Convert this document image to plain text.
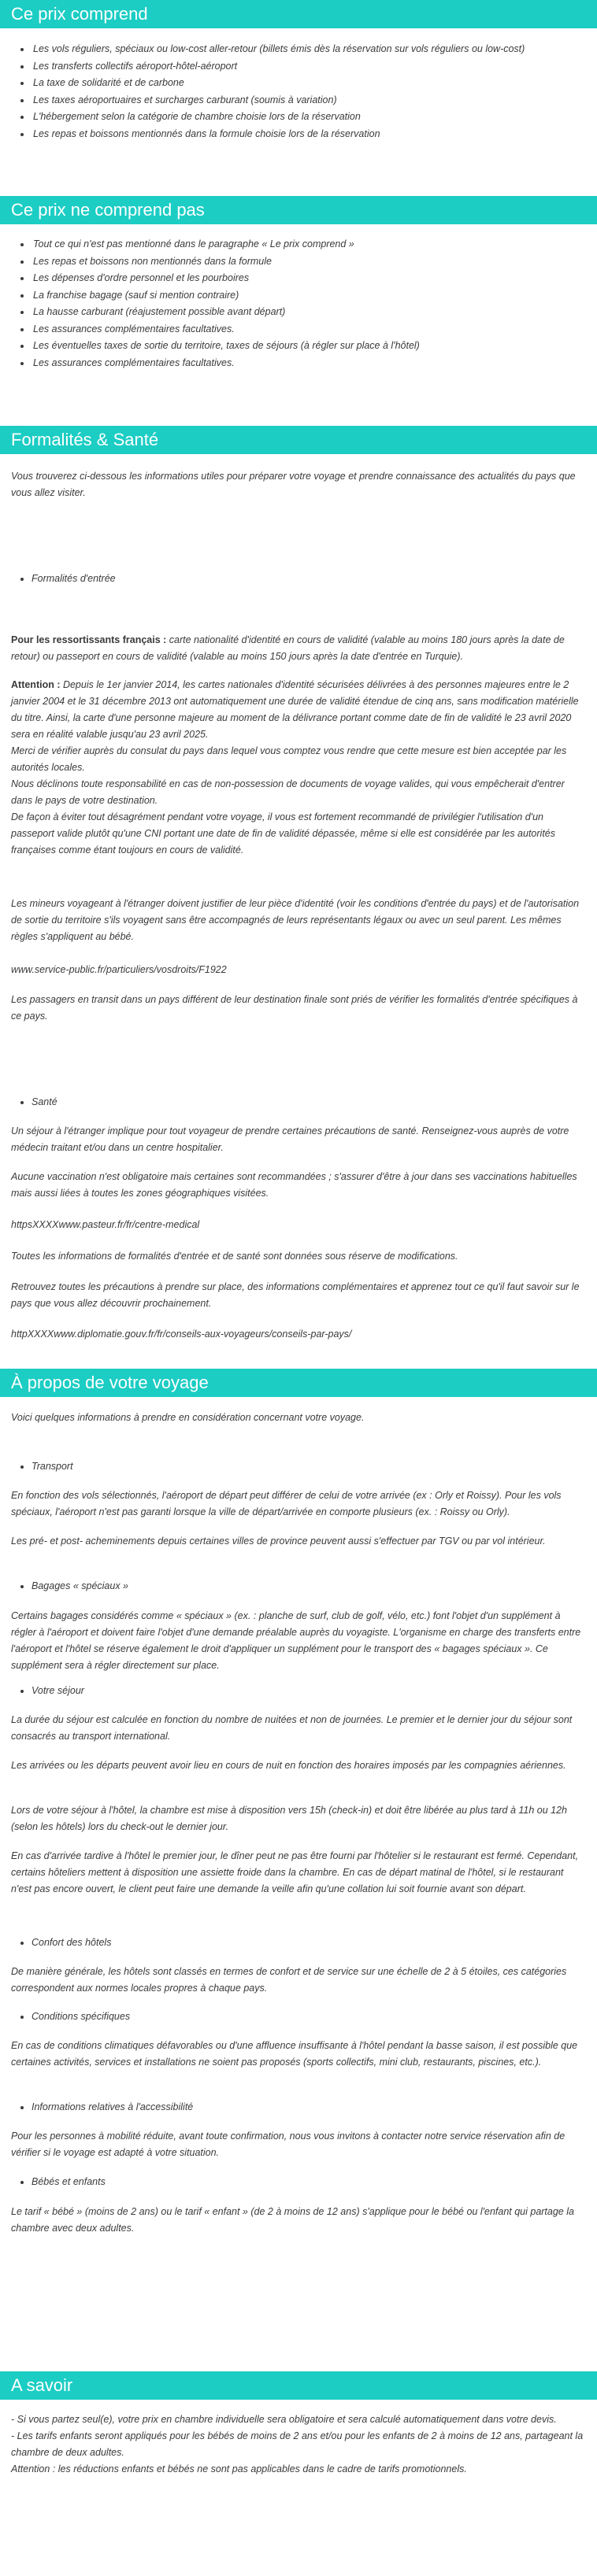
Ce prix comprend
• Les vols réguliers, spéciaux ou low-cost aller-retour (billets émis dès la réservation sur vols réguliers ou low-cost)
• Les transferts collectifs aéroport-hôtel-aéroport
• La taxe de solidarité et de carbone
• Les taxes aéroportuaires et surcharges carburant (soumis à variation)
• L'hébergement selon la catégorie de chambre choisie lors de la réservation
• Les repas et boissons mentionnés dans la formule choisie lors de la réservation
Ce prix ne comprend pas
• Tout ce qui n'est pas mentionné dans le paragraphe « Le prix comprend »
• Les repas et boissons non mentionnés dans la formule
• Les dépenses d'ordre personnel et les pourboires
• La franchise bagage (sauf si mention contraire)
• La hausse carburant (réajustement possible avant départ)
• Les assurances complémentaires facultatives.
• Les éventuelles taxes de sortie du territoire, taxes de séjours (à régler sur place à l'hôtel)
• Les assurances complémentaires facultatives.
Formalités & Santé
Vous trouverez ci-dessous les informations utiles pour préparer votre voyage et prendre connaissance des actualités du pays que vous allez visiter.
• Formalités d'entrée
Pour les ressortissants français : carte nationalité d'identité en cours de validité (valable au moins 180 jours après la date de retour) ou passeport en cours de validité (valable au moins 150 jours après la date d'entrée en Turquie).

Attention : Depuis le 1er janvier 2014, les cartes nationales d'identité sécurisées délivrées à des personnes majeures entre le 2 janvier 2004 et le 31 décembre 2013 ont automatiquement une durée de validité étendue de cinq ans, sans modification matérielle du titre. Ainsi, la carte d'une personne majeure au moment de la délivrance portant comme date de fin de validité le 23 avril 2020 sera en réalité valable jusqu'au 23 avril 2025.

Merci de vérifier auprès du consulat du pays dans lequel vous comptez vous rendre que cette mesure est bien acceptée par les autorités locales.

Nous déclinons toute responsabilité en cas de non-possession de documents de voyage valides, qui vous empêcherait d'entrer dans le pays de votre destination.

De façon à éviter tout désagrément pendant votre voyage, il vous est fortement recommandé de privilégier l'utilisation d'un passeport valide plutôt qu'une CNI portant une date de fin de validité dépassée, même si elle est considérée par les autorités françaises comme étant toujours en cours de validité.

Les mineurs voyageant à l'étranger doivent justifier de leur pièce d'identité (voir les conditions d'entrée du pays) et de l'autorisation de sortie du territoire s'ils voyagent sans être accompagnés de leurs représentants légaux ou avec un seul parent. Les mêmes règles s'appliquent au bébé.
www.service-public.fr/particuliers/vosdroits/F1922
Les passagers en transit dans un pays différent de leur destination finale sont priés de vérifier les formalités d'entrée spécifiques à ce pays.
• Santé
Un séjour à l'étranger implique pour tout voyageur de prendre certaines précautions de santé. Renseignez-vous auprès de votre médecin traitant et/ou dans un centre hospitalier.
Aucune vaccination n'est obligatoire mais certaines sont recommandées ; s'assurer d'être à jour dans ses vaccinations habituelles mais aussi liées à toutes les zones géographiques visitées.
httpsXXXXwww.pasteur.fr/fr/centre-medical
Toutes les informations de formalités d'entrée et de santé sont données sous réserve de modifications.
Retrouvez toutes les précautions à prendre sur place, des informations complémentaires et apprenez tout ce qu'il faut savoir sur le pays que vous allez découvrir prochainement.
httpXXXXwww.diplomatie.gouv.fr/fr/conseils-aux-voyageurs/conseils-par-pays/
À propos de votre voyage
Voici quelques informations à prendre en considération concernant votre voyage.
• Transport
En fonction des vols sélectionnés, l'aéroport de départ peut différer de celui de votre arrivée (ex : Orly et Roissy). Pour les vols spéciaux, l'aéroport n'est pas garanti lorsque la ville de départ/arrivée en comporte plusieurs (ex. : Roissy ou Orly).
Les pré- et post- acheminements depuis certaines villes de province peuvent aussi s'effectuer par TGV ou par vol intérieur.
• Bagages « spéciaux »
Certains bagages considérés comme « spéciaux » (ex. : planche de surf, club de golf, vélo, etc.) font l'objet d'un supplément à régler à l'aéroport et doivent faire l'objet d'une demande préalable auprès du voyagiste. L'organisme en charge des transferts entre l'aéroport et l'hôtel se réserve également le droit d'appliquer un supplément pour le transport des « bagages spéciaux ». Ce supplément sera à régler directement sur place.
• Votre séjour
La durée du séjour est calculée en fonction du nombre de nuitées et non de journées. Le premier et le dernier jour du séjour sont consacrés au transport international.
Les arrivées ou les départs peuvent avoir lieu en cours de nuit en fonction des horaires imposés par les compagnies aériennes.
Lors de votre séjour à l'hôtel, la chambre est mise à disposition vers 15h (check-in) et doit être libérée au plus tard à 11h ou 12h (selon les hôtels) lors du check-out le dernier jour.
En cas d'arrivée tardive à l'hôtel le premier jour, le dîner peut ne pas être fourni par l'hôtelier si le restaurant est fermé. Cependant, certains hôteliers mettent à disposition une assiette froide dans la chambre. En cas de départ matinal de l'hôtel, si le restaurant n'est pas encore ouvert, le client peut faire une demande la veille afin qu'une collation lui soit fournie avant son départ.
• Confort des hôtels
De manière générale, les hôtels sont classés en termes de confort et de service sur une échelle de 2 à 5 étoiles, ces catégories correspondent aux normes locales propres à chaque pays.
• Conditions spécifiques
En cas de conditions climatiques défavorables ou d'une affluence insuffisante à l'hôtel pendant la basse saison, il est possible que certaines activités, services et installations ne soient pas proposés (sports collectifs, mini club, restaurants, piscines, etc.).
• Informations relatives à l'accessibilité
Pour les personnes à mobilité réduite, avant toute confirmation, nous vous invitons à contacter notre service réservation afin de vérifier si le voyage est adapté à votre situation.
• Bébés et enfants
Le tarif « bébé » (moins de 2 ans) ou le tarif « enfant » (de 2 à moins de 12 ans) s'applique pour le bébé ou l'enfant qui partage la chambre avec deux adultes.
A savoir

- Si vous partez seul(e), votre prix en chambre individuelle sera obligatoire et sera calculé automatiquement dans votre devis.

- Les tarifs enfants seront appliqués pour les bébés de moins de 2 ans et/ou pour les enfants de 2 à moins de 12 ans, partageant la chambre de deux adultes.

Attention : les réductions enfants et bébés ne sont pas applicables dans le cadre de tarifs promotionnels.
